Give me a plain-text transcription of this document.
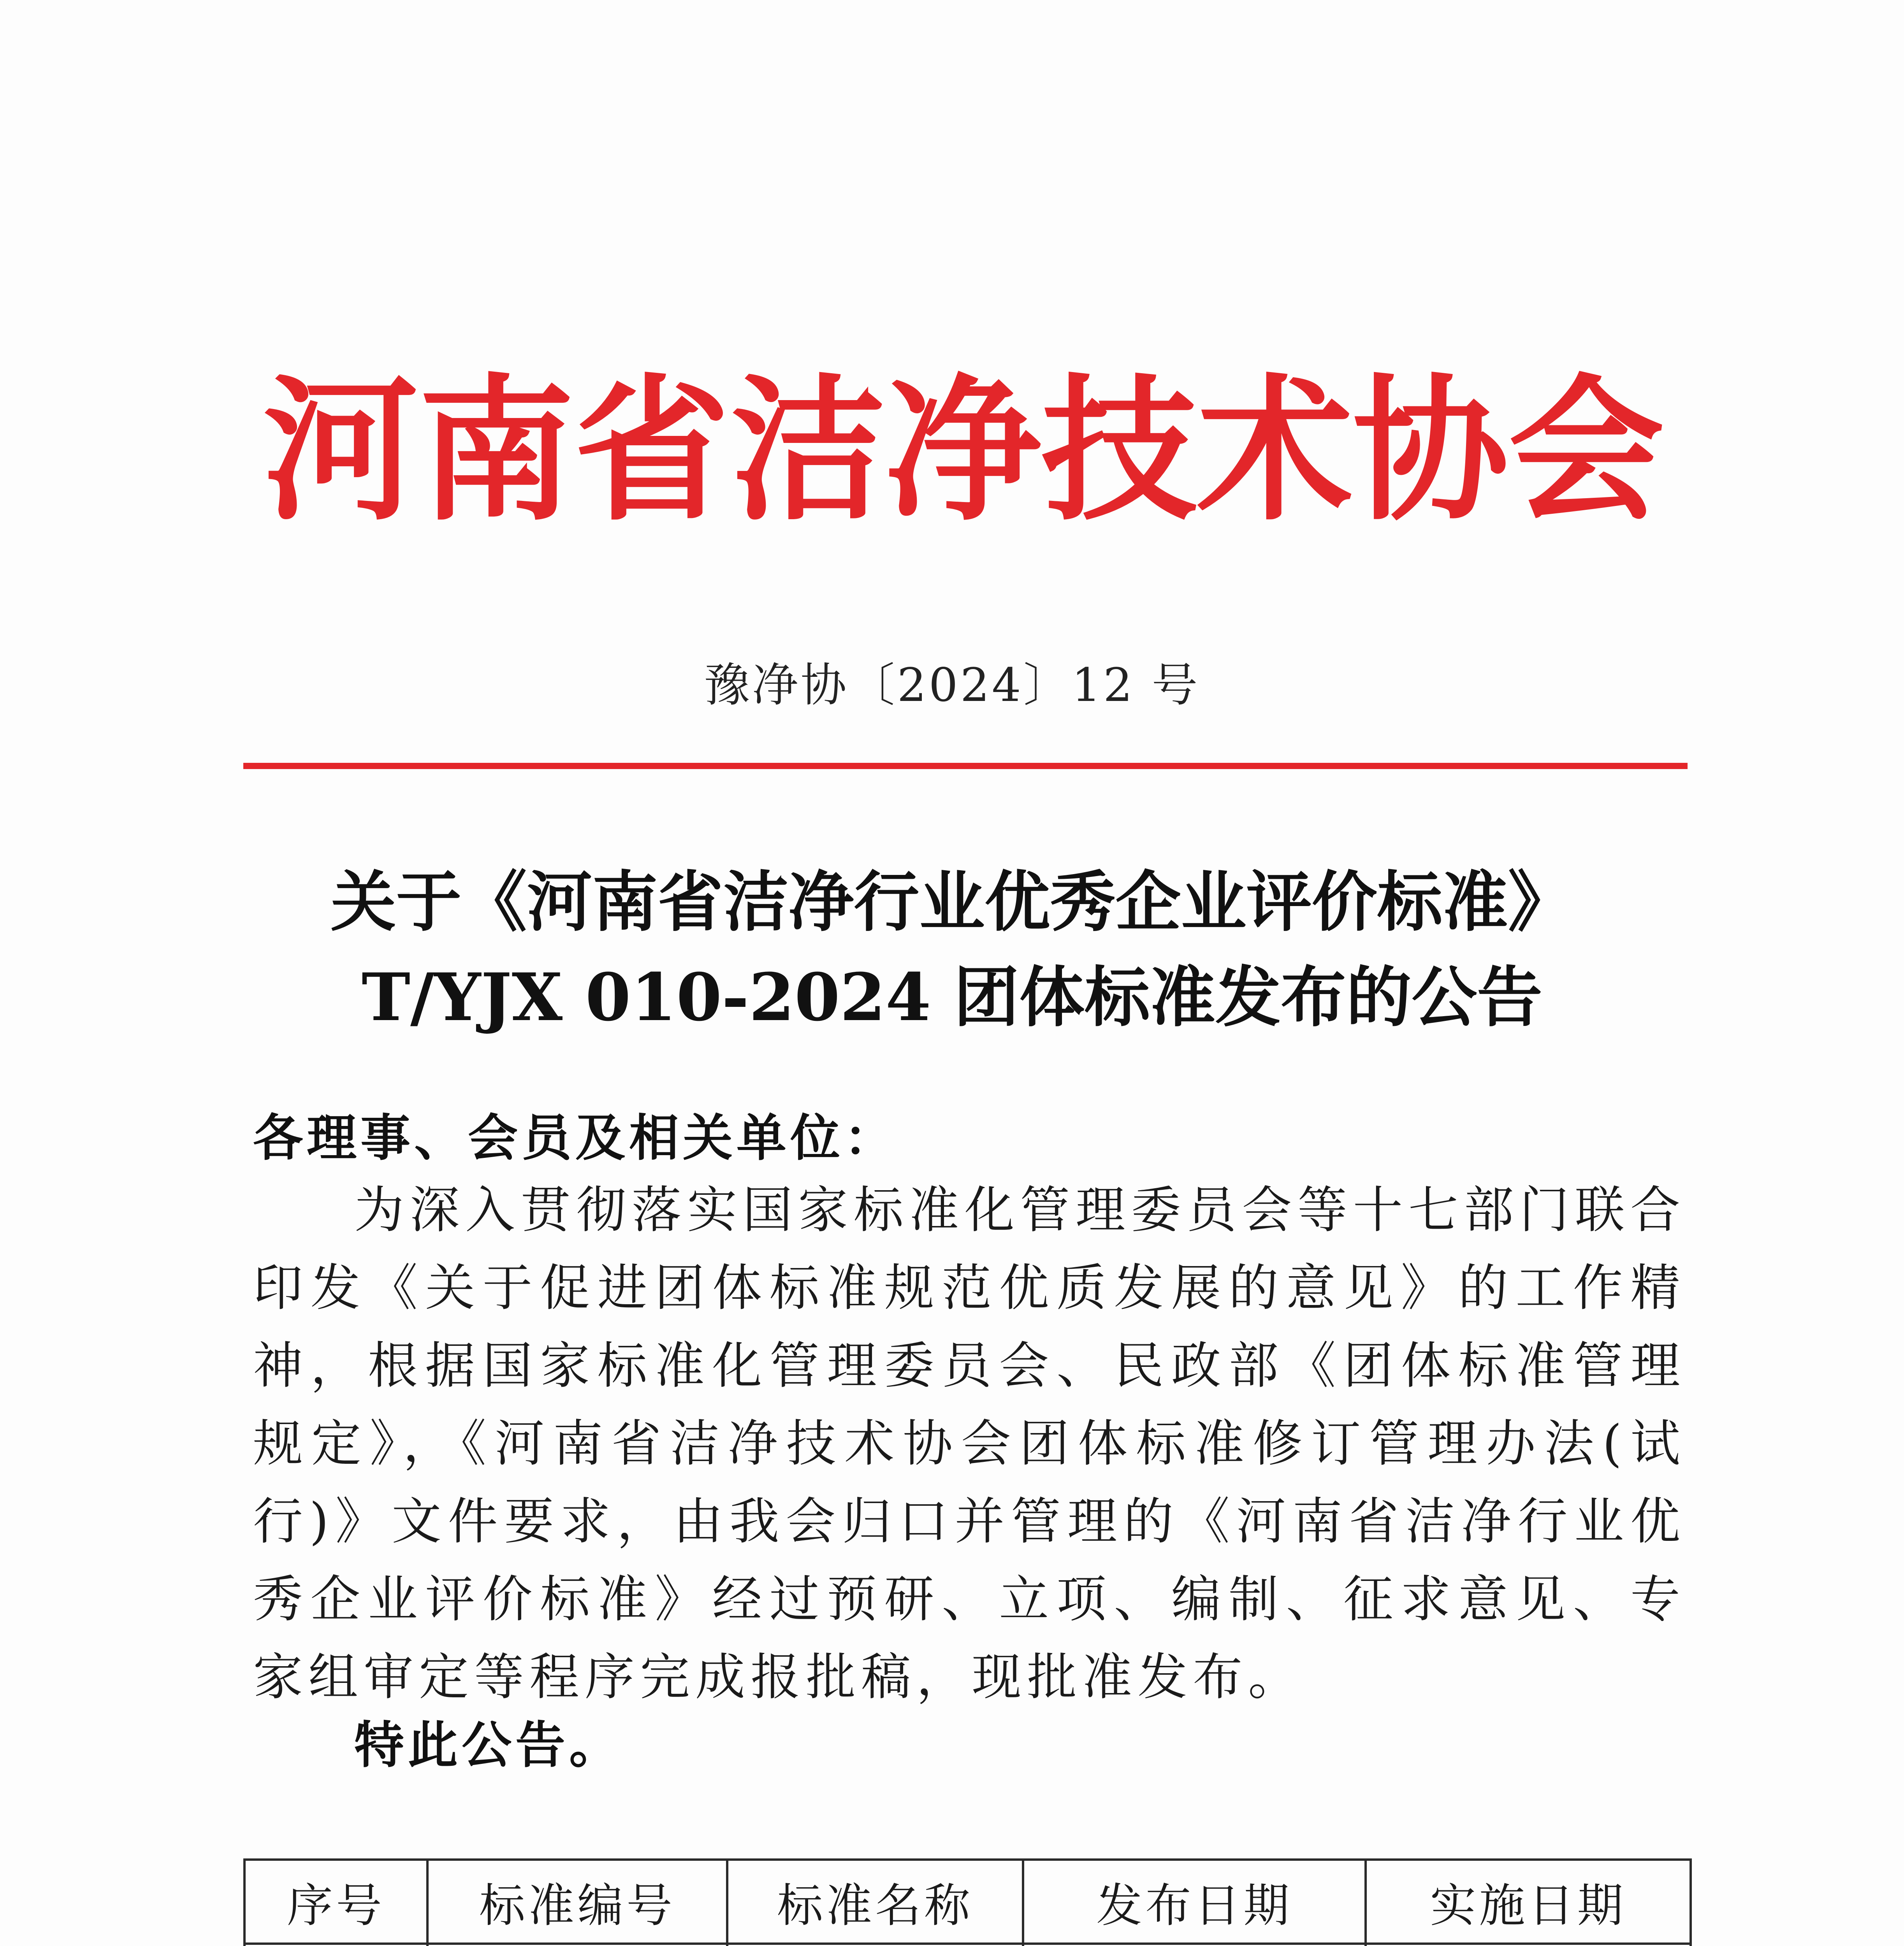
河南省洁净技术协会
豫净协〔2024〕12 号
关于《河南省洁净行业优秀企业评价标准》
T/YJX 010-2024 团体标准发布的公告
各理事、会员及相关单位：

为深入贯彻落实国家标准化管理委员会等十七部门联合印发《关于促进团体标准规范优质发展的意见》的工作精神，根据国家标准化管理委员会、民政部《团体标准管理规定》，《河南省洁净技术协会团体标准修订管理办法(试行)》文件要求，由我会归口并管理的《河南省洁净行业优秀企业评价标准》经过预研、立项、编制、征求意见、专家组审定等程序完成报批稿，现批准发布。

特此公告。
序号	标准编号	标准名称	发布日期	实施日期
